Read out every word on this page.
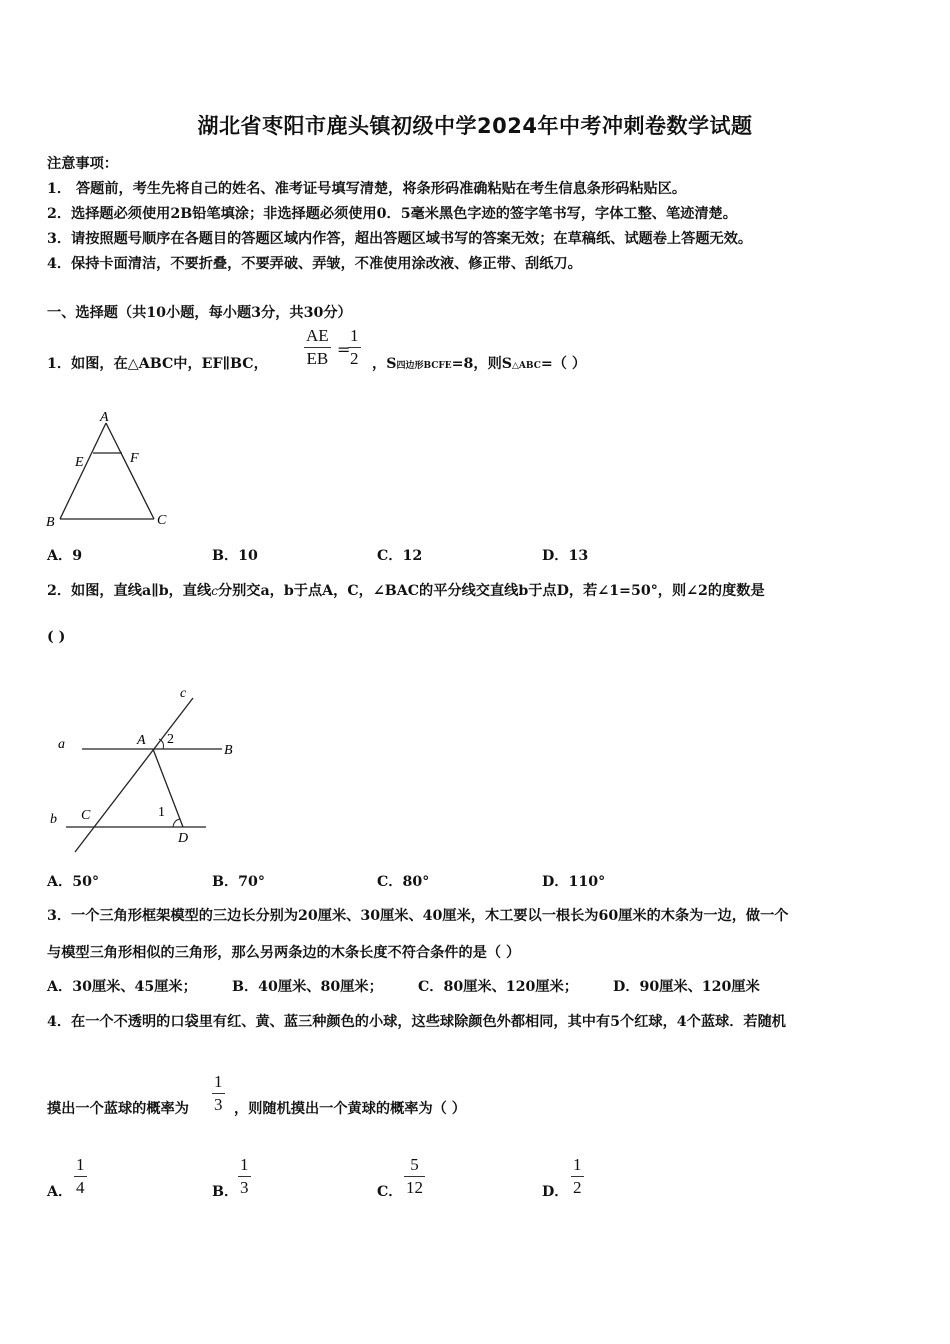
湖北省枣阳市鹿头镇初级中学2024年中考冲刺卷数学试题
注意事项：
1． 答题前，考生先将自己的姓名、准考证号填写清楚，将条形码准确粘贴在考生信息条形码粘贴区。
2．选择题必须使用2B铅笔填涂；非选择题必须使用0．5毫米黑色字迹的签字笔书写，字体工整、笔迹清楚。
3．请按照题号顺序在各题目的答题区域内作答，超出答题区域书写的答案无效；在草稿纸、试题卷上答题无效。
4．保持卡面清洁，不要折叠，不要弄破、弄皱，不准使用涂改液、修正带、刮纸刀。
一、选择题（共10小题，每小题3分，共30分）
1．如图，在△ABC中，EF∥BC，
AE
EB =
1
2 ，S四边形BCFE=8，则S△ABC=（ ）
A
E	F
B	C
A．9	B．10	C．12	D．13
2．如图，直线a∥b，直线c分别交a，b于点A，C，∠BAC的平分线交直线b于点D，若∠1=50°，则∠2的度数是
( )
c
a	A 2
B
b C	1
D
A．50°	B．70°	C．80°	D．110°
3．一个三角形框架模型的三边长分别为20厘米、30厘米、40厘米，木工要以一根长为60厘米的木条为一边，做一个
与模型三角形相似的三角形，那么另两条边的木条长度不符合条件的是（ ）
A．30厘米、45厘米； B．40厘米、80厘米； C．80厘米、120厘米； D．90厘米、120厘米
4．在一个不透明的口袋里有红、黄、蓝三种颜色的小球，这些球除颜色外都相同，其中有5个红球，4个蓝球．若随机
摸出一个蓝球的概率为
1
3 ，则随机摸出一个黄球的概率为（ ）
A．
1
4	B．
1
3	C．
5
12	D．
1
2
